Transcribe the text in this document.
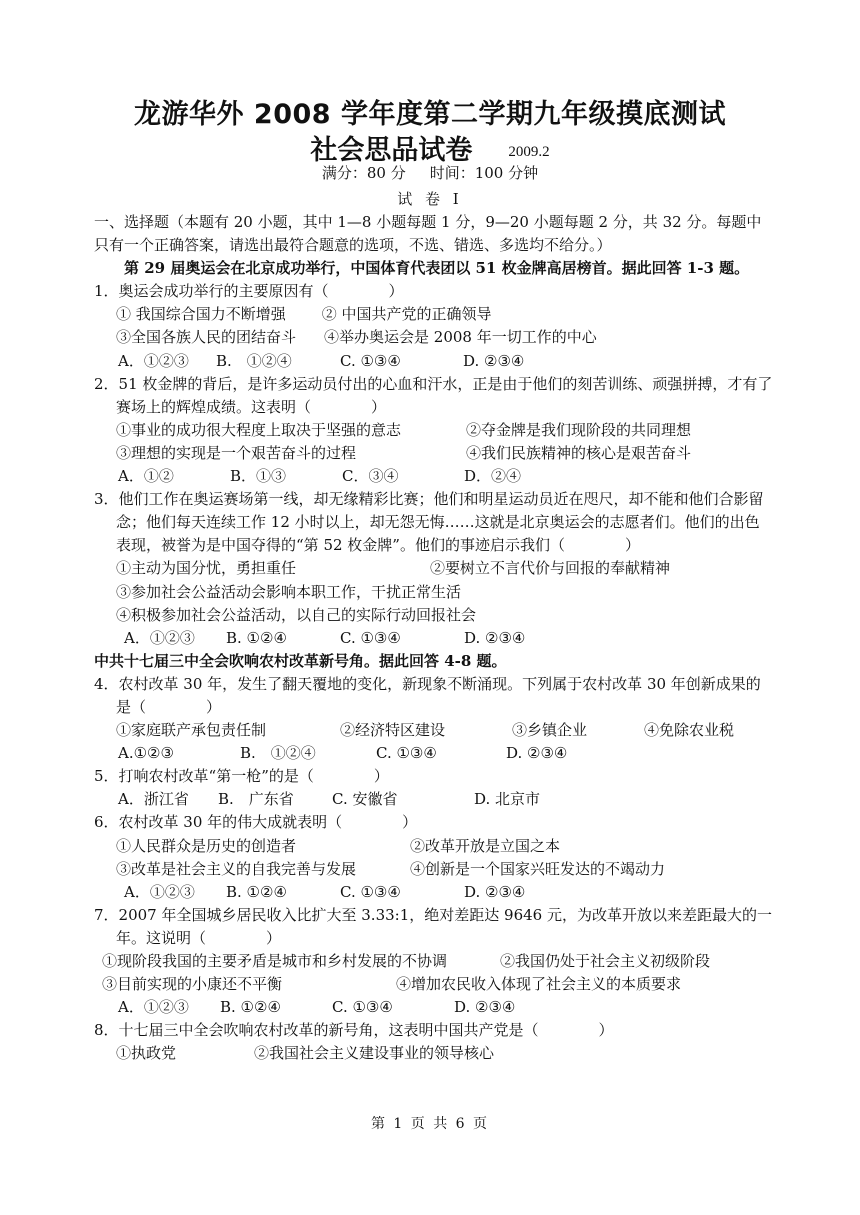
龙游华外 2008 学年度第二学期九年级摸底测试
社会思品试卷 2009.2
满分：80 分 时间：100 分钟
试 卷 Ⅰ

一、选择题（本题有 20 小题，其中 1—8 小题每题 1 分，9—20 小题每题 2 分，共 32 分。每题中只有一个正确答案，请选出最符合题意的选项，不选、错选、多选均不给分。）

第 29 届奥运会在北京成功举行，中国体育代表团以 51 枚金牌高居榜首。据此回答 1-3 题。

1．奥运会成功举行的主要原因有（　　　　）

① 我国综合国力不断增强 ② 中国共产党的正确领导

③全国各族人民的团结奋斗 ④举办奥运会是 2008 年一切工作的中心

A．①②③ B.　①②④	C. ①③④	D. ②③④

2．51 枚金牌的背后，是许多运动员付出的心血和汗水，正是由于他们的刻苦训练、顽强拼搏，才有了赛场上的辉煌成绩。这表明（　　　　）

①事业的成功很大程度上取决于坚强的意志	②夺金牌是我们现阶段的共同理想

③理想的实现是一个艰苦奋斗的过程	④我们民族精神的核心是艰苦奋斗

A．①②	B．①③	C．③④	D．②④

3．他们工作在奥运赛场第一线，却无缘精彩比赛；他们和明星运动员近在咫尺，却不能和他们合影留念；他们每天连续工作 12 小时以上，却无怨无悔……这就是北京奥运会的志愿者们。他们的出色表现，被誉为是中国夺得的“第 52 枚金牌”。他们的事迹启示我们（　　　　）

①主动为国分忧，勇担重任	②要树立不言代价与回报的奉献精神

③参加社会公益活动会影响本职工作，干扰正常生活

④积极参加社会公益活动，以自己的实际行动回报社会

A．①②③ B. ①②④	C. ①③④	D. ②③④

中共十七届三中全会吹响农村改革新号角。据此回答 4-8 题。

4．农村改革 30 年，发生了翻天覆地的变化，新现象不断涌现。下列属于农村改革 30 年创新成果的是（　　　　）

①家庭联产承包责任制	②经济特区建设	③乡镇企业	④免除农业税

A.①②③	B.　①②④	C. ①③④	D. ②③④

5．打响农村改革“第一枪”的是（　　　　）

A．浙江省 B.　广东省	C. 安徽省	D. 北京市

6．农村改革 30 年的伟大成就表明（　　　　）

①人民群众是历史的创造者	②改革开放是立国之本

③改革是社会主义的自我完善与发展	④创新是一个国家兴旺发达的不竭动力

A．①②③ B. ①②④	C. ①③④	D. ②③④

7．2007 年全国城乡居民收入比扩大至 3.33:1，绝对差距达 9646 元，为改革开放以来差距最大的一年。这说明（　　　　）

①现阶段我国的主要矛盾是城市和乡村发展的不协调	②我国仍处于社会主义初级阶段

③目前实现的小康还不平衡	④增加农民收入体现了社会主义的本质要求

A．①②③ B. ①②④	C. ①③④	D. ②③④

8．十七届三中全会吹响农村改革的新号角，这表明中国共产党是（　　　　）

①执政党	②我国社会主义建设事业的领导核心

第 1 页 共 6 页
